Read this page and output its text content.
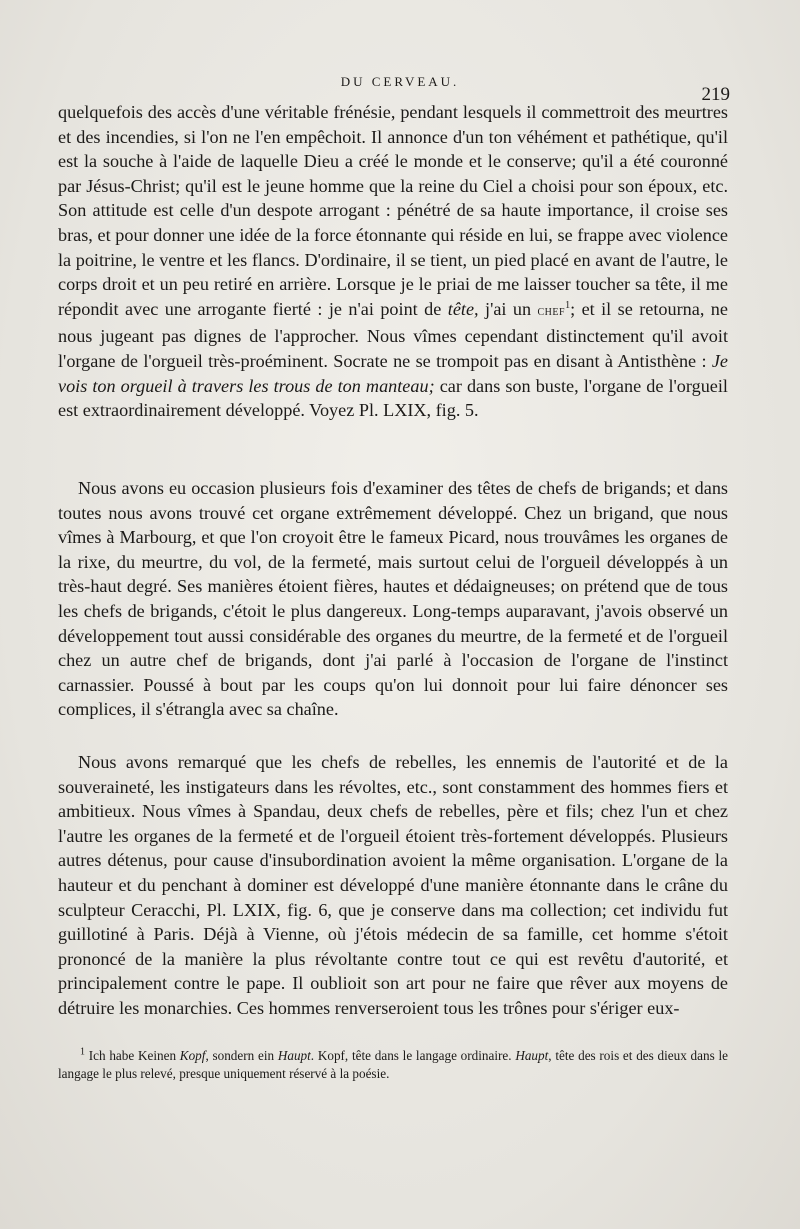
DU CERVEAU.
219

quelquefois des accès d'une véritable frénésie, pendant lesquels il commettroit des meurtres et des incendies, si l'on ne l'en empêchoit. Il annonce d'un ton véhément et pathétique, qu'il est la souche à l'aide de laquelle Dieu a créé le monde et le conserve; qu'il a été couronné par Jésus-Christ; qu'il est le jeune homme que la reine du Ciel a choisi pour son époux, etc. Son attitude est celle d'un despote arrogant : pénétré de sa haute importance, il croise ses bras, et pour donner une idée de la force étonnante qui réside en lui, se frappe avec violence la poitrine, le ventre et les flancs. D'ordinaire, il se tient, un pied placé en avant de l'autre, le corps droit et un peu retiré en arrière. Lorsque je le priai de me laisser toucher sa tête, il me répondit avec une arrogante fierté : je n'ai point de tête, j'ai un chef$^1$; et il se retourna, ne nous jugeant pas dignes de l'approcher. Nous vîmes cependant distinctement qu'il avoit l'organe de l'orgueil très-proéminent. Socrate ne se trompoit pas en disant à Antisthène : Je vois ton orgueil à travers les trous de ton manteau; car dans son buste, l'organe de l'orgueil est extraordinairement développé. Voyez Pl. LXIX, fig. 5.

Nous avons eu occasion plusieurs fois d'examiner des têtes de chefs de brigands; et dans toutes nous avons trouvé cet organe extrêmement développé. Chez un brigand, que nous vîmes à Marbourg, et que l'on croyoit être le fameux Picard, nous trouvâmes les organes de la rixe, du meurtre, du vol, de la fermeté, mais surtout celui de l'orgueil développés à un très-haut degré. Ses manières étoient fières, hautes et dédaigneuses; on prétend que de tous les chefs de brigands, c'étoit le plus dangereux. Long-temps auparavant, j'avois observé un développement tout aussi considérable des organes du meurtre, de la fermeté et de l'orgueil chez un autre chef de brigands, dont j'ai parlé à l'occasion de l'organe de l'instinct carnassier. Poussé à bout par les coups qu'on lui donnoit pour lui faire dénoncer ses complices, il s'étrangla avec sa chaîne.

Nous avons remarqué que les chefs de rebelles, les ennemis de l'autorité et de la souveraineté, les instigateurs dans les révoltes, etc., sont constamment des hommes fiers et ambitieux. Nous vîmes à Spandau, deux chefs de rebelles, père et fils; chez l'un et chez l'autre les organes de la fermeté et de l'orgueil étoient très-fortement développés. Plusieurs autres détenus, pour cause d'insubordination avoient la même organisation. L'organe de la hauteur et du penchant à dominer est développé d'une manière étonnante dans le crâne du sculpteur Ceracchi, Pl. LXIX, fig. 6, que je conserve dans ma collection; cet individu fut guillotiné à Paris. Déjà à Vienne, où j'étois médecin de sa famille, cet homme s'étoit prononcé de la manière la plus révoltante contre tout ce qui est revêtu d'autorité, et principalement contre le pape. Il oublioit son art pour ne faire que rêver aux moyens de détruire les monarchies. Ces hommes renverseroient tous les trônes pour s'ériger eux-

$^1$ Ich habe Keinen Kopf, sondern ein Haupt. Kopf, tête dans le langage ordinaire. Haupt, tête des rois et des dieux dans le langage le plus relevé, presque uniquement réservé à la poésie.
